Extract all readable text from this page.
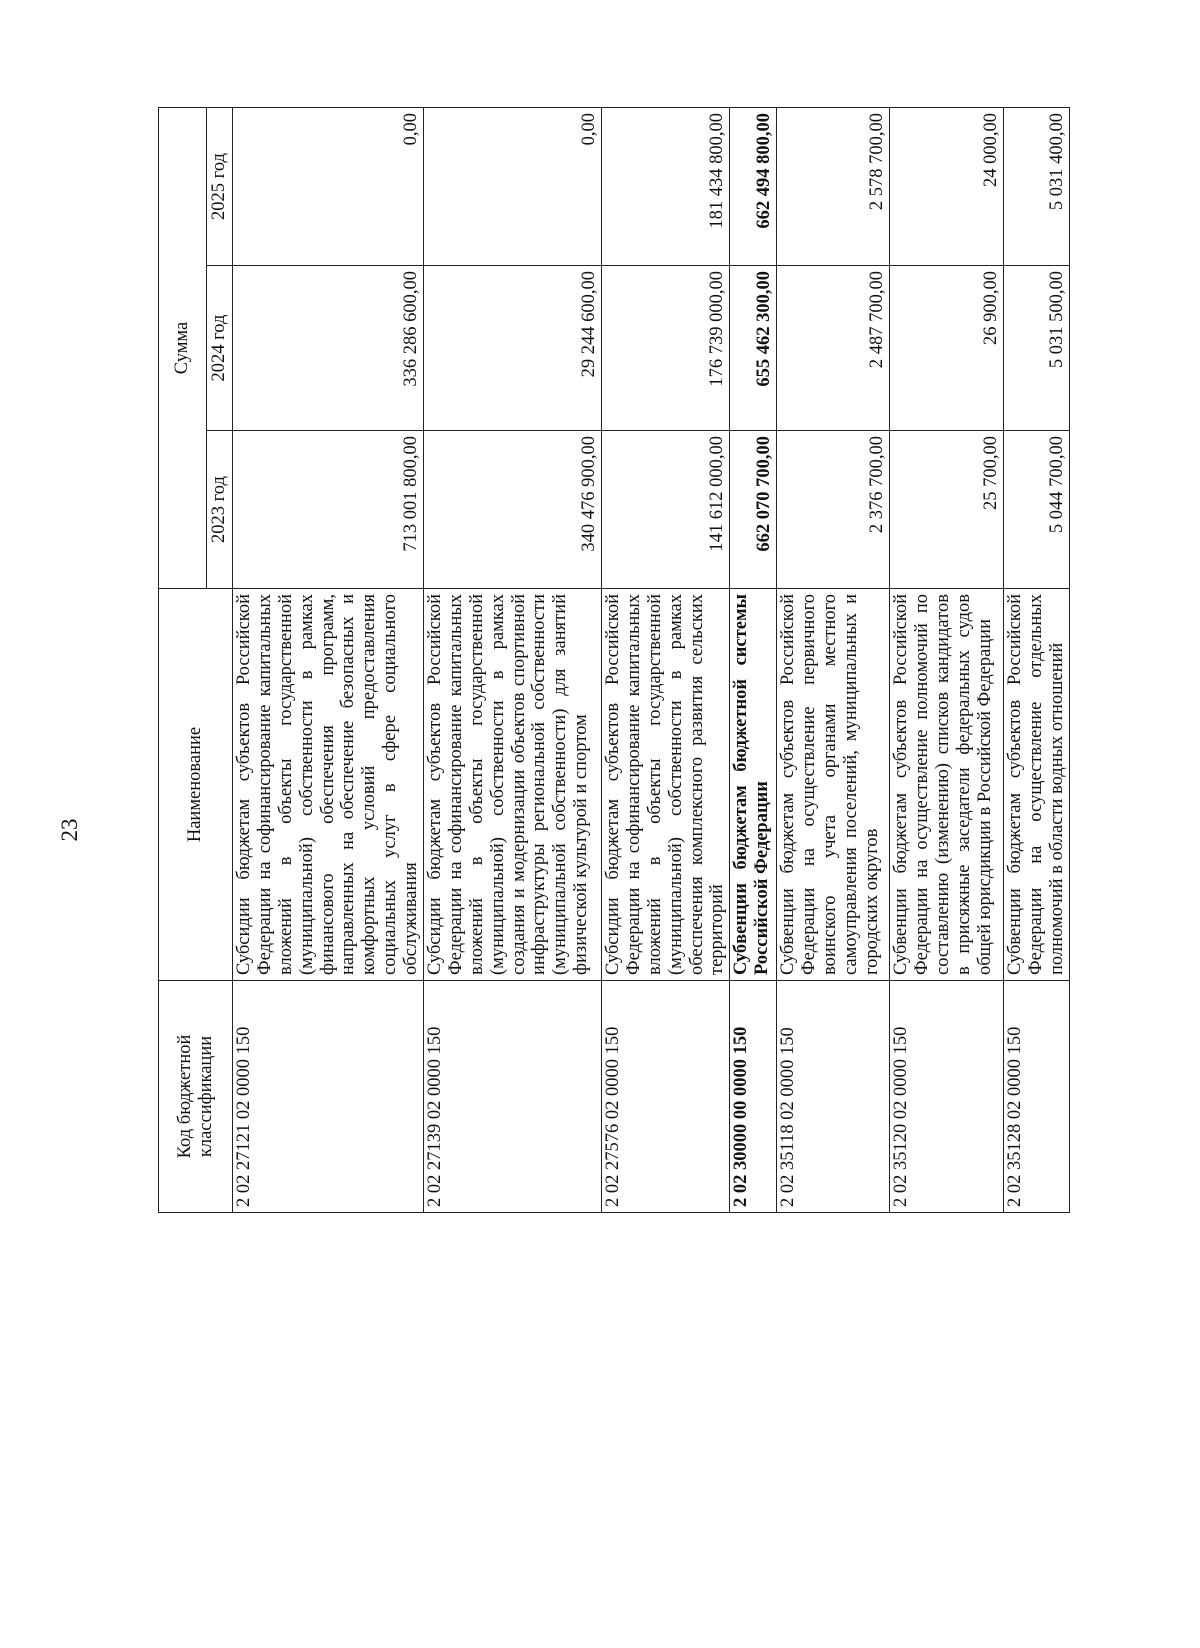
23
Код бюджетной классификации	Наименование	Сумма		
		2023 год	2024 год	2025 год
2 02 27121 02 0000 150	Субсидии бюджетам субъектов Российской Федерации на софинансирование капитальных вложений в объекты государственной (муниципальной) собственности в рамках финансового обеспечения программ, направленных на обеспечение безопасных и комфортных условий предоставления социальных услуг в сфере социального обслуживания	713 001 800,00	336 286 600,00	0,00
2 02 27139 02 0000 150	Субсидии бюджетам субъектов Российской Федерации на софинансирование капитальных вложений в объекты государственной (муниципальной) собственности в рамках создания и модернизации объектов спортивной инфраструктуры региональной собственности (муниципальной собственности) для занятий физической культурой и спортом	340 476 900,00	29 244 600,00	0,00
2 02 27576 02 0000 150	Субсидии бюджетам субъектов Российской Федерации на софинансирование капитальных вложений в объекты государственной (муниципальной) собственности в рамках обеспечения комплексного развития сельских территорий	141 612 000,00	176 739 000,00	181 434 800,00
2 02 30000 00 0000 150	Субвенции бюджетам бюджетной системы Российской Федерации	662 070 700,00	655 462 300,00	662 494 800,00
2 02 35118 02 0000 150	Субвенции бюджетам субъектов Российской Федерации на осуществление первичного воинского учета органами местного самоуправления поселений, муниципальных и городских округов	2 376 700,00	2 487 700,00	2 578 700,00
2 02 35120 02 0000 150	Субвенции бюджетам субъектов Российской Федерации на осуществление полномочий по составлению (изменению) списков кандидатов в присяжные заседатели федеральных судов общей юрисдикции в Российской Федерации	25 700,00	26 900,00	24 000,00
2 02 35128 02 0000 150	Субвенции бюджетам субъектов Российской Федерации на осуществление отдельных полномочий в области водных отношений	5 044 700,00	5 031 500,00	5 031 400,00
